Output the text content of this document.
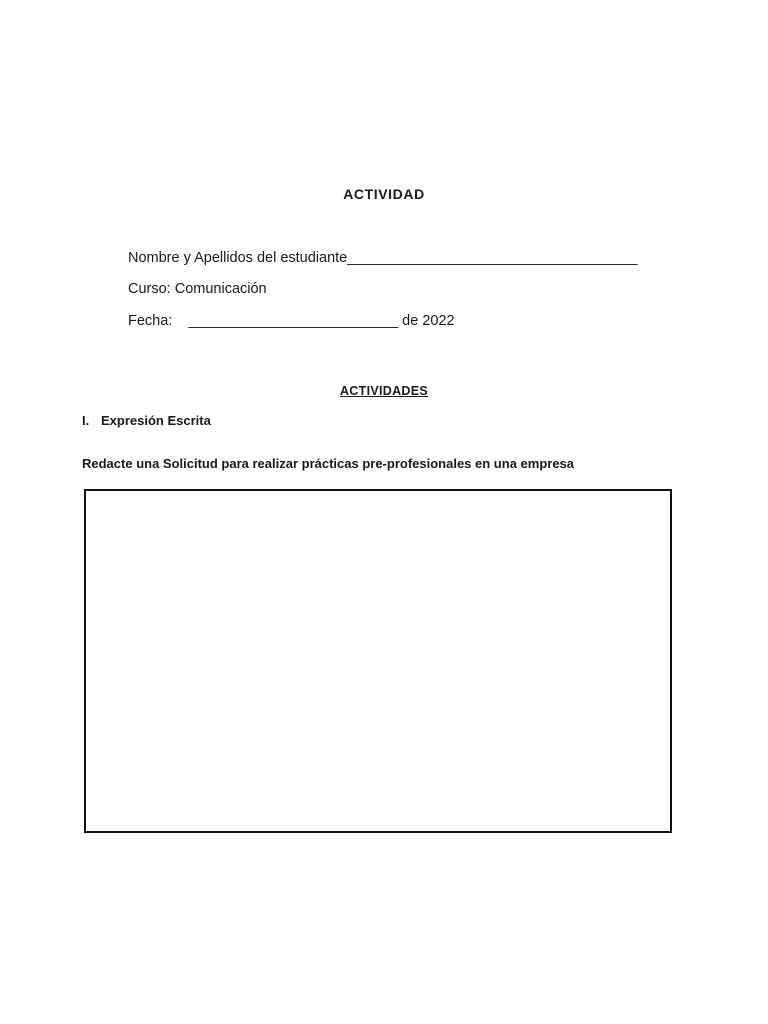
ACTIVIDAD
Nombre y Apellidos del estudiante____________________________________
Curso: Comunicación
Fecha: __________________________ de 2022
ACTIVIDADES
I. Expresión Escrita
Redacte una Solicitud para realizar prácticas pre-profesionales en una empresa
